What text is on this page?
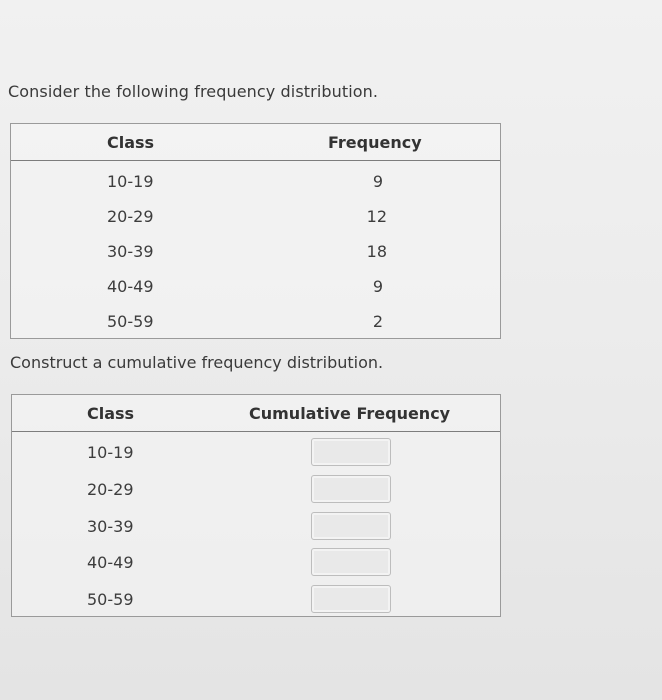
Consider the following frequency distribution.
Class	Frequency
10-19	9
20-29	12
30-39	18
40-49	9
50-59	2
Construct a cumulative frequency distribution.
Class	Cumulative Frequency
10-19
20-29
30-39
40-49
50-59
